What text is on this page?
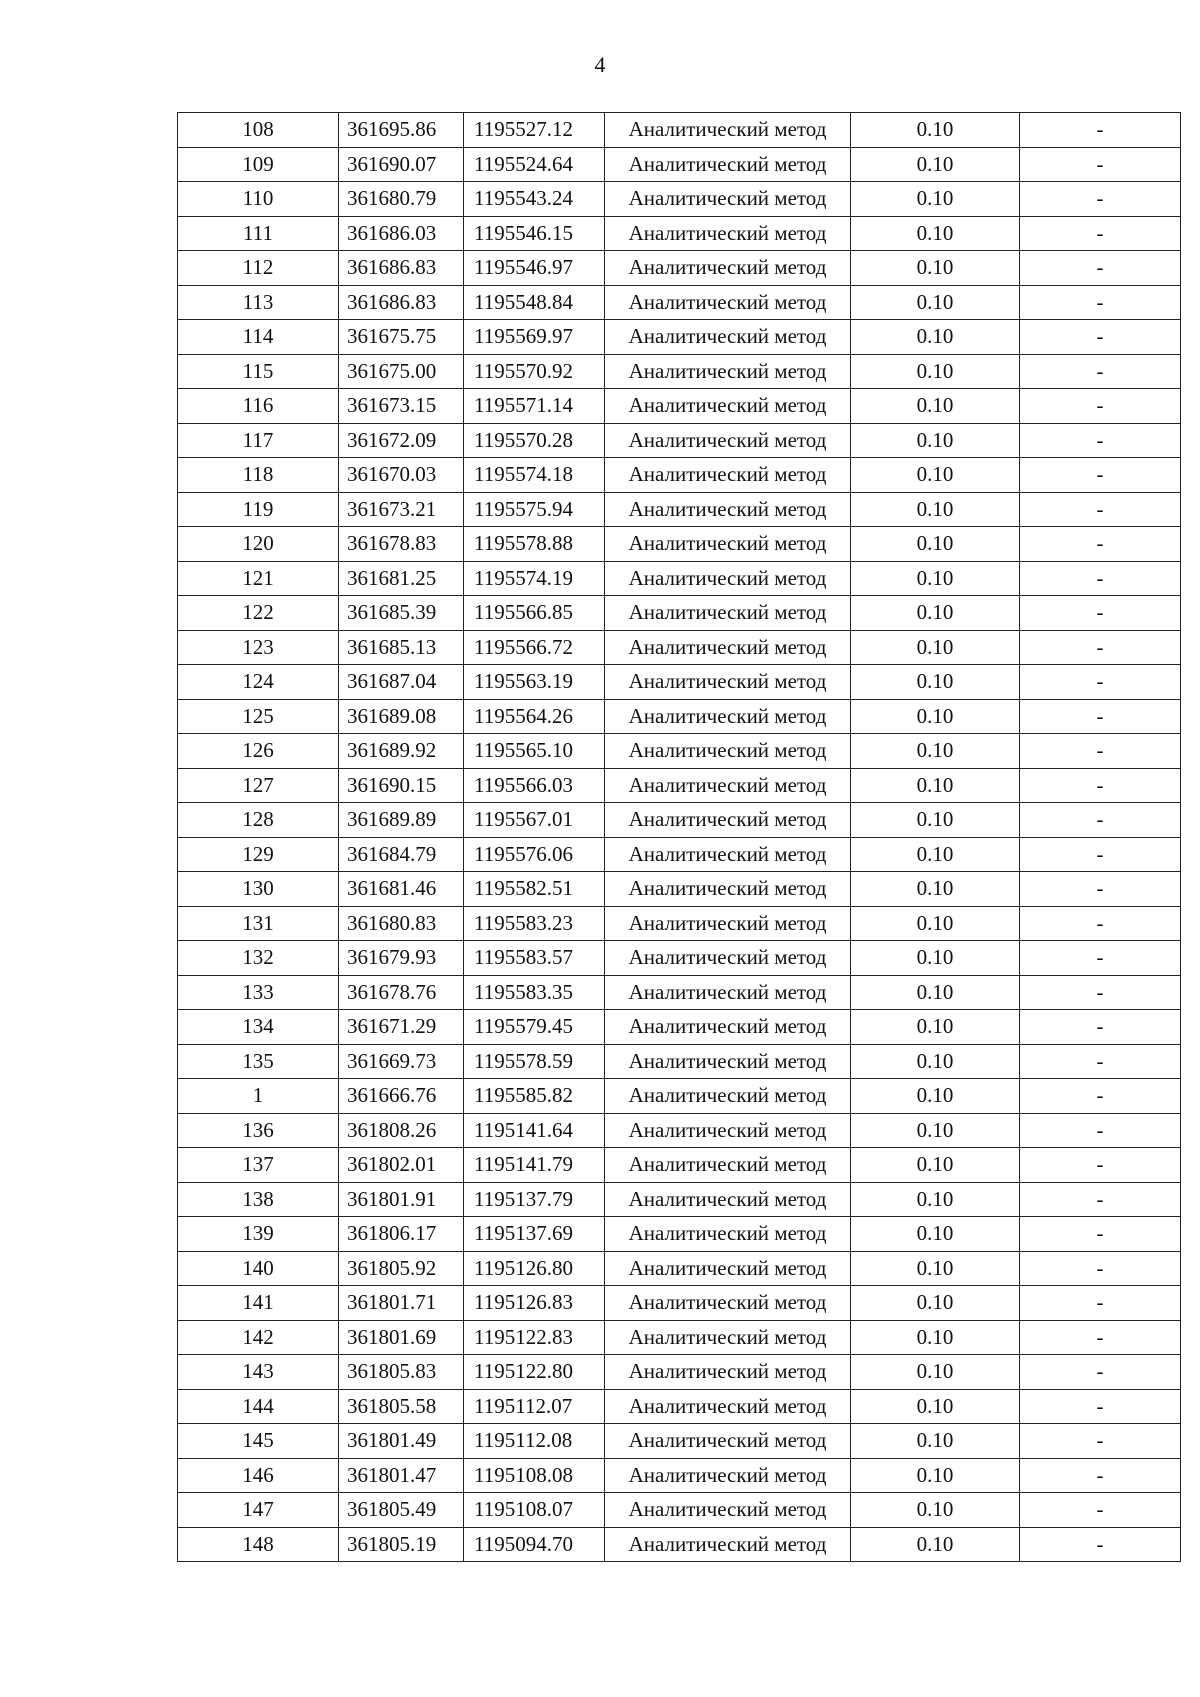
4
108	361695.86	1195527.12	Аналитический метод	0.10	-
109	361690.07	1195524.64	Аналитический метод	0.10	-
110	361680.79	1195543.24	Аналитический метод	0.10	-
111	361686.03	1195546.15	Аналитический метод	0.10	-
112	361686.83	1195546.97	Аналитический метод	0.10	-
113	361686.83	1195548.84	Аналитический метод	0.10	-
114	361675.75	1195569.97	Аналитический метод	0.10	-
115	361675.00	1195570.92	Аналитический метод	0.10	-
116	361673.15	1195571.14	Аналитический метод	0.10	-
117	361672.09	1195570.28	Аналитический метод	0.10	-
118	361670.03	1195574.18	Аналитический метод	0.10	-
119	361673.21	1195575.94	Аналитический метод	0.10	-
120	361678.83	1195578.88	Аналитический метод	0.10	-
121	361681.25	1195574.19	Аналитический метод	0.10	-
122	361685.39	1195566.85	Аналитический метод	0.10	-
123	361685.13	1195566.72	Аналитический метод	0.10	-
124	361687.04	1195563.19	Аналитический метод	0.10	-
125	361689.08	1195564.26	Аналитический метод	0.10	-
126	361689.92	1195565.10	Аналитический метод	0.10	-
127	361690.15	1195566.03	Аналитический метод	0.10	-
128	361689.89	1195567.01	Аналитический метод	0.10	-
129	361684.79	1195576.06	Аналитический метод	0.10	-
130	361681.46	1195582.51	Аналитический метод	0.10	-
131	361680.83	1195583.23	Аналитический метод	0.10	-
132	361679.93	1195583.57	Аналитический метод	0.10	-
133	361678.76	1195583.35	Аналитический метод	0.10	-
134	361671.29	1195579.45	Аналитический метод	0.10	-
135	361669.73	1195578.59	Аналитический метод	0.10	-
1	361666.76	1195585.82	Аналитический метод	0.10	-
136	361808.26	1195141.64	Аналитический метод	0.10	-
137	361802.01	1195141.79	Аналитический метод	0.10	-
138	361801.91	1195137.79	Аналитический метод	0.10	-
139	361806.17	1195137.69	Аналитический метод	0.10	-
140	361805.92	1195126.80	Аналитический метод	0.10	-
141	361801.71	1195126.83	Аналитический метод	0.10	-
142	361801.69	1195122.83	Аналитический метод	0.10	-
143	361805.83	1195122.80	Аналитический метод	0.10	-
144	361805.58	1195112.07	Аналитический метод	0.10	-
145	361801.49	1195112.08	Аналитический метод	0.10	-
146	361801.47	1195108.08	Аналитический метод	0.10	-
147	361805.49	1195108.07	Аналитический метод	0.10	-
148	361805.19	1195094.70	Аналитический метод	0.10	-
